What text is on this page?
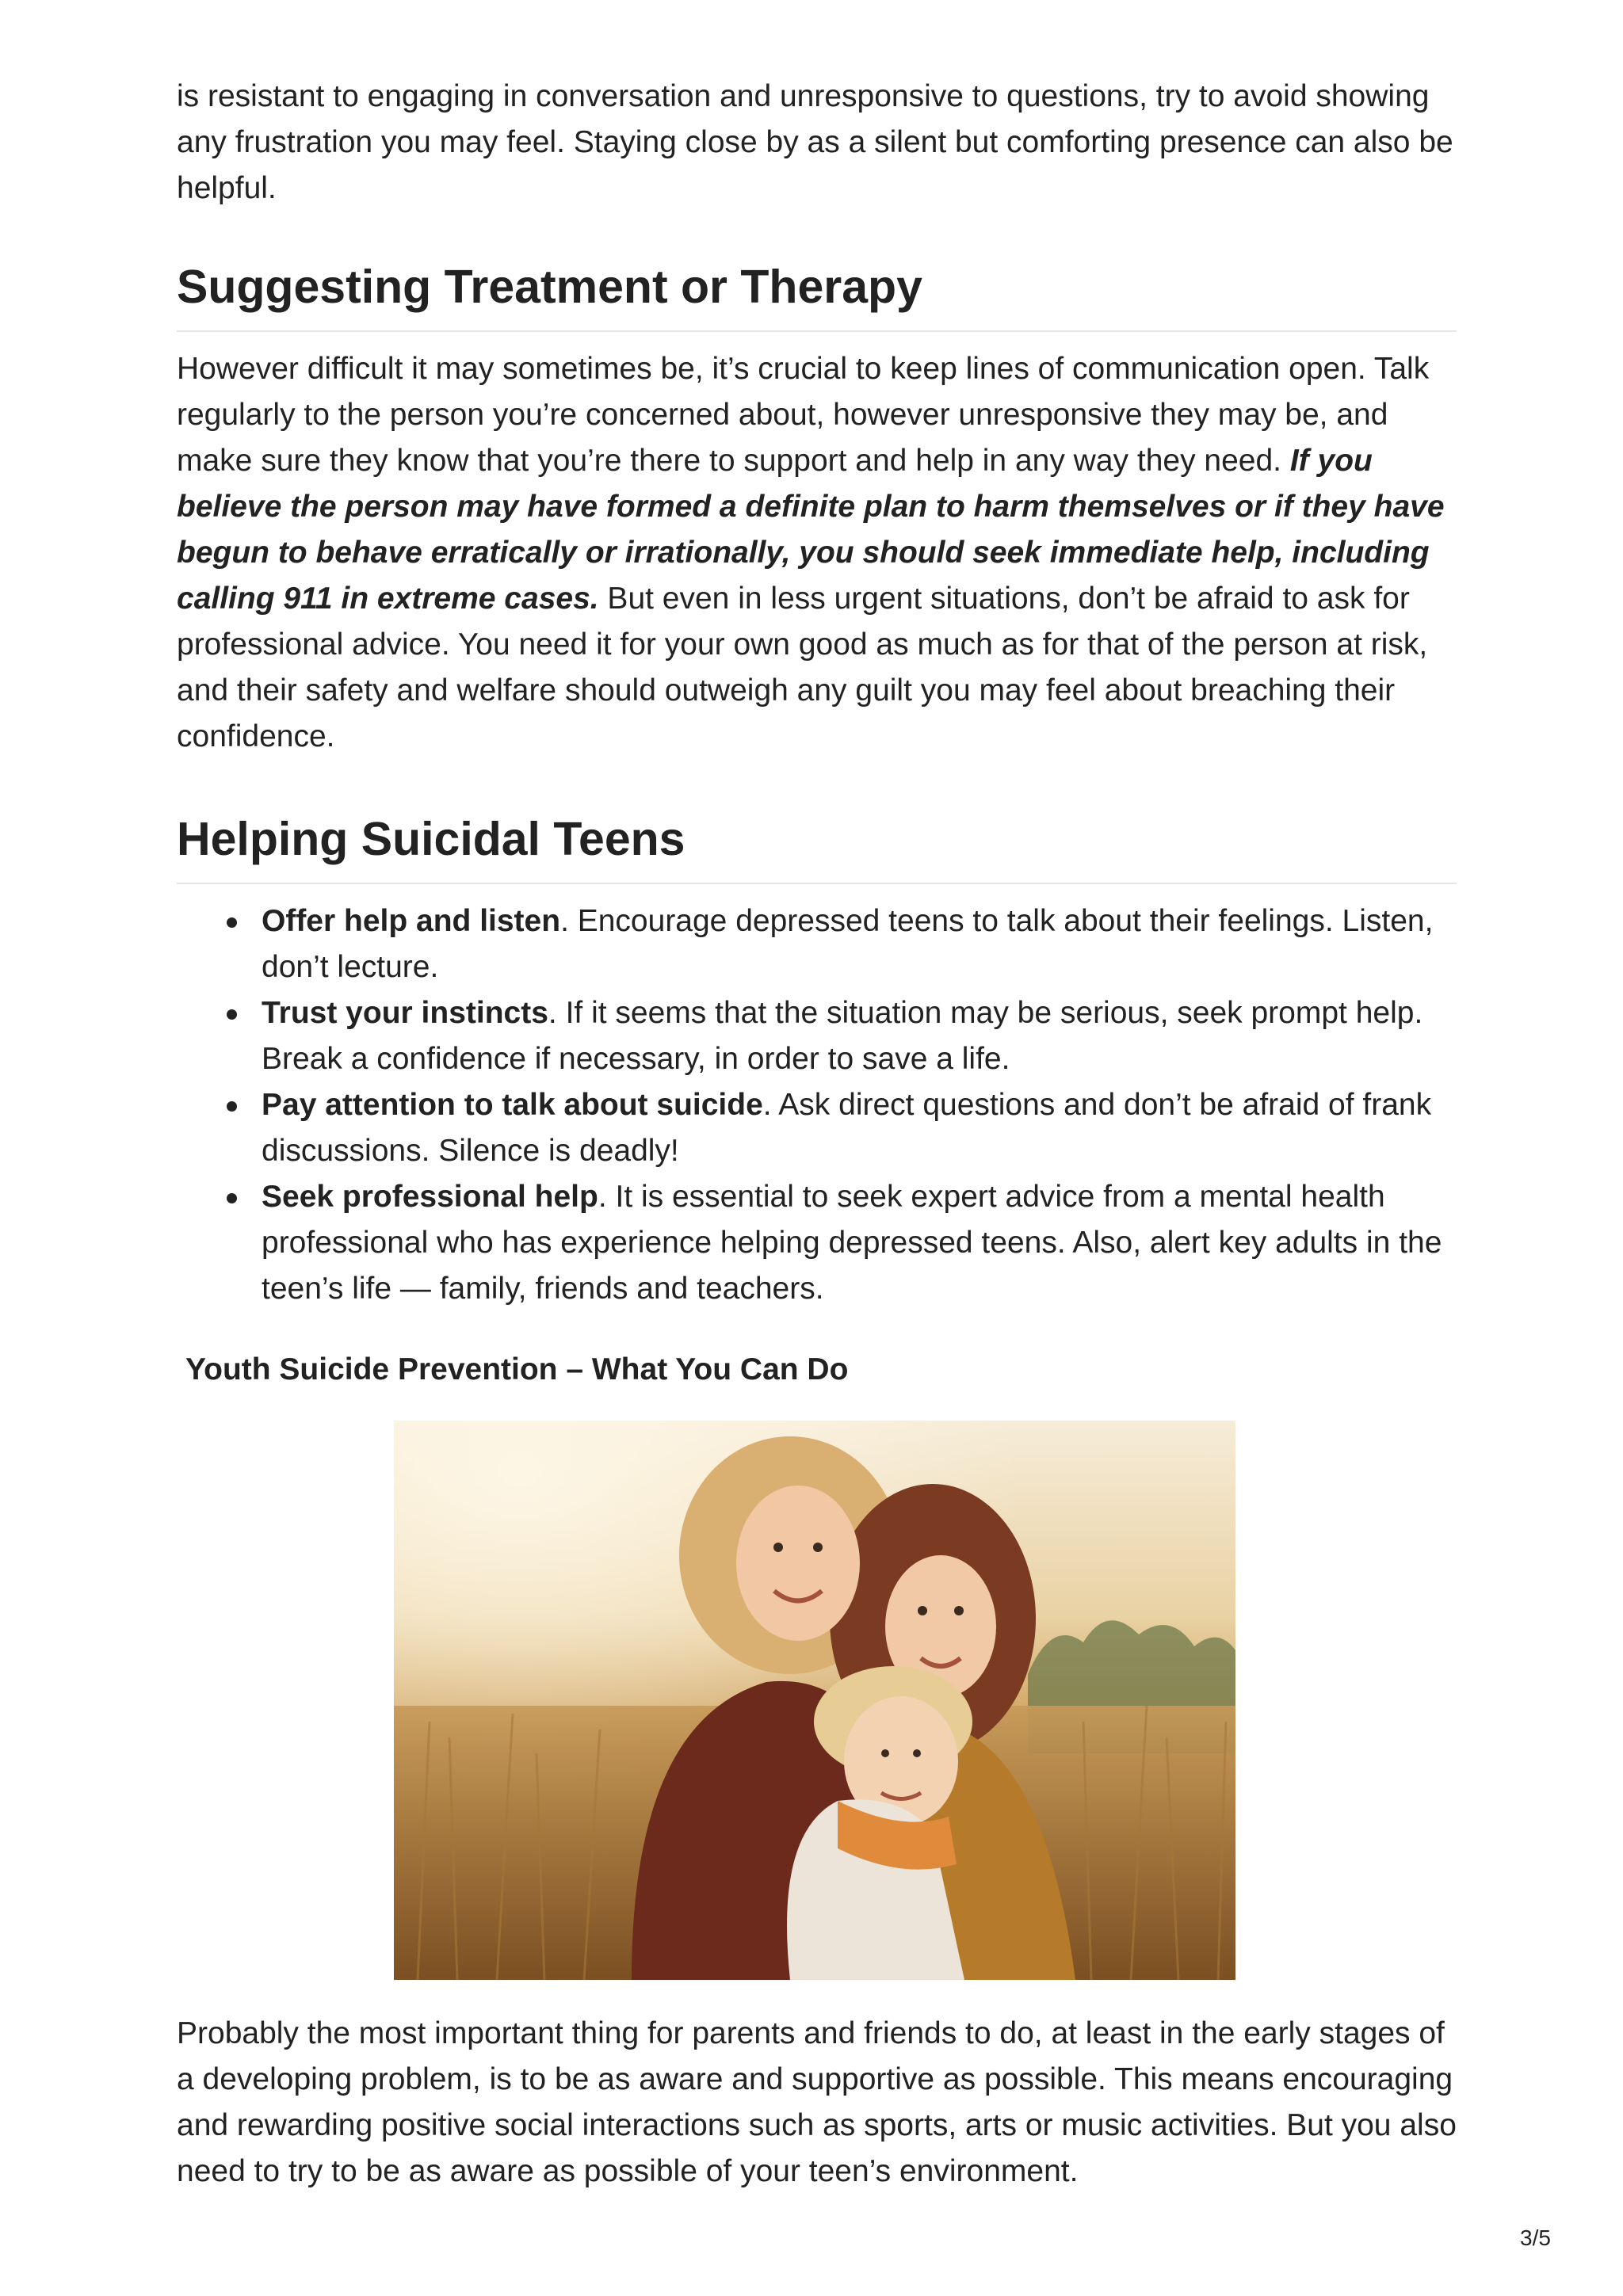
is resistant to engaging in conversation and unresponsive to questions, try to avoid showing any frustration you may feel. Staying close by as a silent but comforting presence can also be helpful.

Suggesting Treatment or Therapy

However difficult it may sometimes be, it’s crucial to keep lines of communication open. Talk regularly to the person you’re concerned about, however unresponsive they may be, and make sure they know that you’re there to support and help in any way they need. If you believe the person may have formed a definite plan to harm themselves or if they have begun to behave erratically or irrationally, you should seek immediate help, including calling 911 in extreme cases. But even in less urgent situations, don’t be afraid to ask for professional advice. You need it for your own good as much as for that of the person at risk, and their safety and welfare should outweigh any guilt you may feel about breaching their confidence.

Helping Suicidal Teens
Offer help and listen. Encourage depressed teens to talk about their feelings. Listen, don’t lecture.
Trust your instincts. If it seems that the situation may be serious, seek prompt help. Break a confidence if necessary, in order to save a life.
Pay attention to talk about suicide. Ask direct questions and don’t be afraid of frank discussions. Silence is deadly!
Seek professional help. It is essential to seek expert advice from a mental health professional who has experience helping depressed teens. Also, alert key adults in the teen’s life — family, friends and teachers.

Youth Suicide Prevention – What You Can Do

Probably the most important thing for parents and friends to do, at least in the early stages of a developing problem, is to be as aware and supportive as possible. This means encouraging and rewarding positive social interactions such as sports, arts or music activities. But you also need to try to be as aware as possible of your teen’s environment.

3/5
